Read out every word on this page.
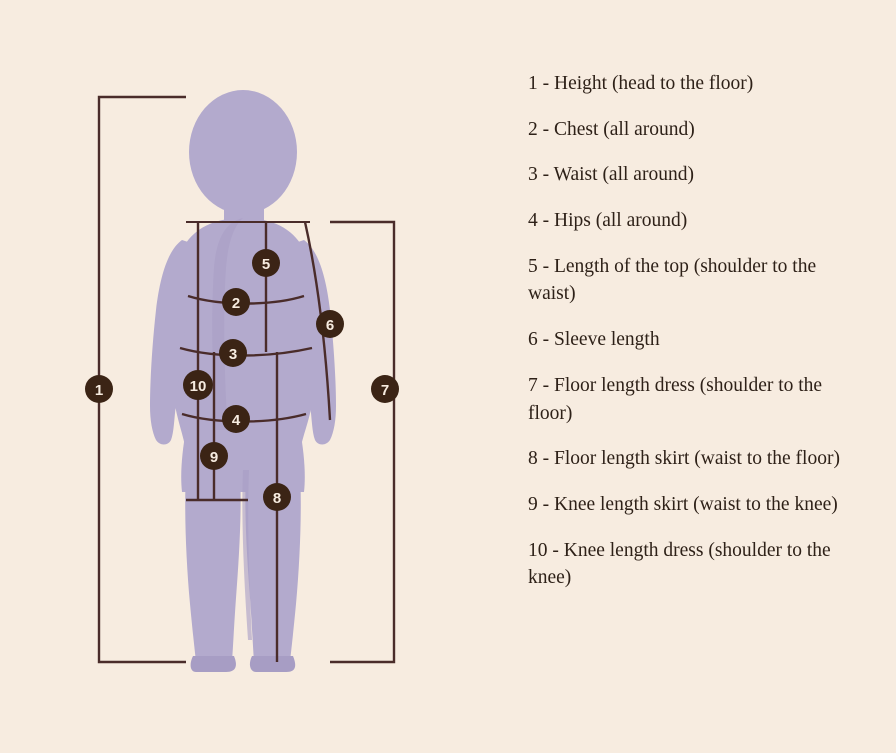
1
2
3
4
5
6
7
8
9
10
1 - Height (head to the floor)
2 - Chest (all around)
3 - Waist (all around)
4 - Hips (all around)
5 - Length of the top (shoulder to the waist)
6 - Sleeve length
7 - Floor length dress (shoulder to the floor)
8 - Floor length skirt (waist to the floor)
9 - Knee length skirt (waist to the knee)
10 - Knee length dress (shoulder to the knee)
